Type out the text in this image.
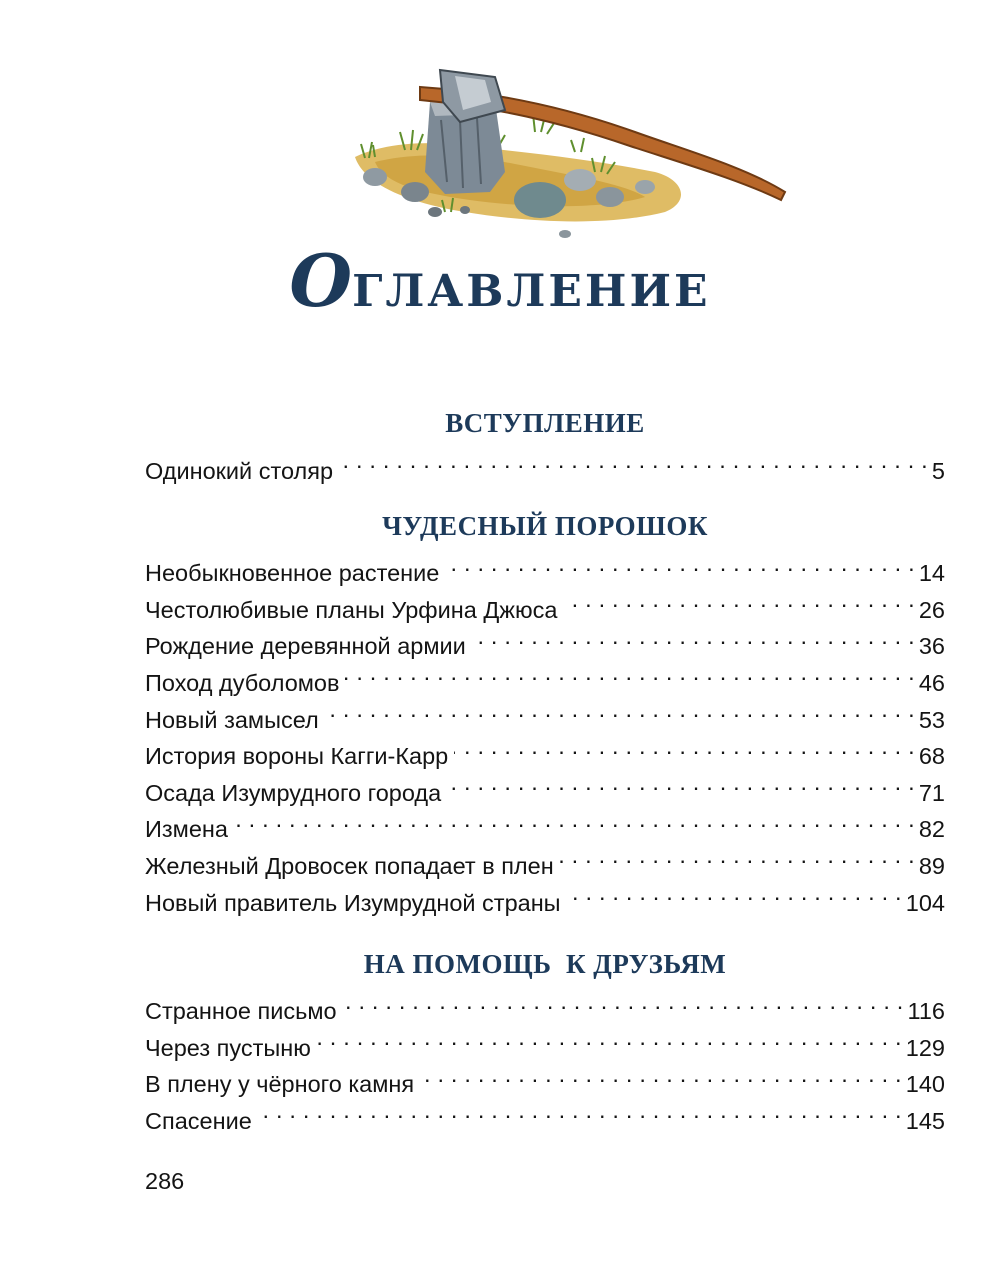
ОГЛАВЛЕНИЕ
ВСТУПЛЕНИЕ
Одинокий столяр . . .	5
ЧУДЕСНЫЙ ПОРОШОК
Необыкновенное растение . . .	14
Честолюбивые планы Урфина Джюса . . .	26
Рождение деревянной армии . . .	36
Поход дуболомов . . .	46
Новый замысел . . .	53
История вороны Кагги-Карр . . .	68
Осада Изумрудного города . . .	71
Измена . . .	82
Железный Дровосек попадает в плен . . .	89
Новый правитель Изумрудной страны . . .	104
НА ПОМОЩЬ  К ДРУЗЬЯМ
Странное письмо . . .	116
Через пустыню . . .	129
В плену у чёрного камня . . .	140
Спасение . . .	145

286
